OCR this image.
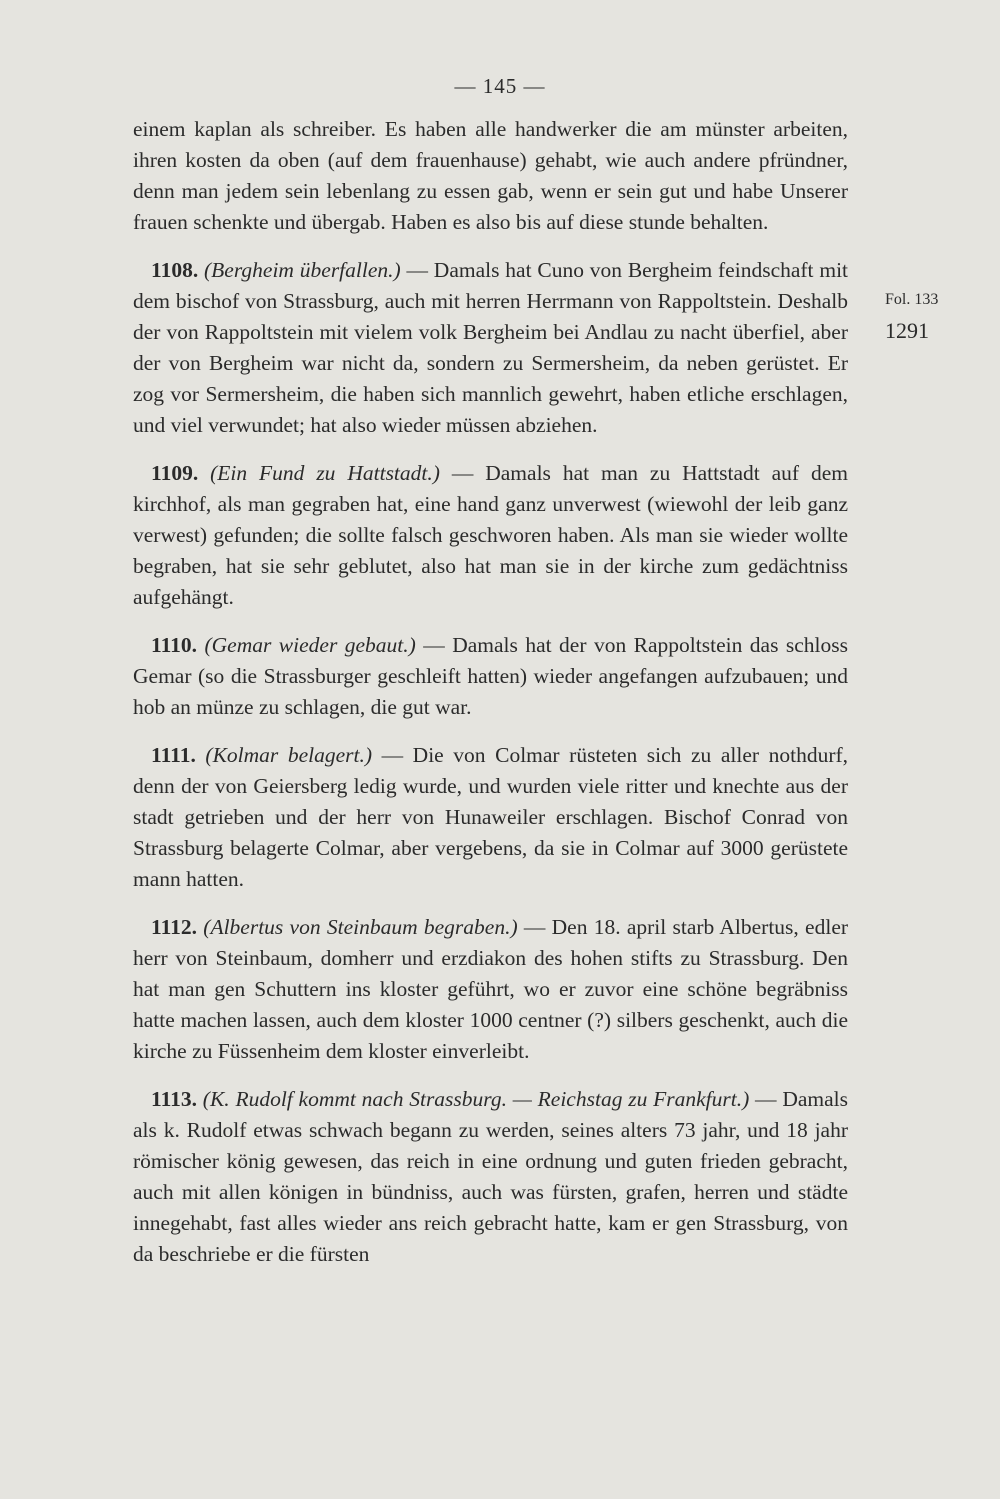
— 145 —
Fol. 133
1291

einem kaplan als schreiber. Es haben alle handwerker die am münster arbeiten, ihren kosten da oben (auf dem frauenhause) gehabt, wie auch andere pfründner, denn man jedem sein lebenlang zu essen gab, wenn er sein gut und habe Unserer frauen schenkte und übergab. Haben es also bis auf diese stunde behalten.

1108. (Bergheim überfallen.) — Damals hat Cuno von Bergheim feindschaft mit dem bischof von Strassburg, auch mit herren Herrmann von Rappoltstein. Deshalb der von Rappoltstein mit vielem volk Bergheim bei Andlau zu nacht überfiel, aber der von Bergheim war nicht da, sondern zu Sermersheim, da neben gerüstet. Er zog vor Sermersheim, die haben sich mannlich gewehrt, haben etliche erschlagen, und viel verwundet; hat also wieder müssen abziehen.

1109. (Ein Fund zu Hattstadt.) — Damals hat man zu Hattstadt auf dem kirchhof, als man gegraben hat, eine hand ganz unverwest (wiewohl der leib ganz verwest) gefunden; die sollte falsch geschworen haben. Als man sie wieder wollte begraben, hat sie sehr geblutet, also hat man sie in der kirche zum gedächtniss aufgehängt.

1110. (Gemar wieder gebaut.) — Damals hat der von Rappoltstein das schloss Gemar (so die Strassburger geschleift hatten) wieder angefangen aufzubauen; und hob an münze zu schlagen, die gut war.

1111. (Kolmar belagert.) — Die von Colmar rüsteten sich zu aller nothdurf, denn der von Geiersberg ledig wurde, und wurden viele ritter und knechte aus der stadt getrieben und der herr von Hunaweiler erschlagen. Bischof Conrad von Strassburg belagerte Colmar, aber vergebens, da sie in Colmar auf 3000 gerüstete mann hatten.

1112. (Albertus von Steinbaum begraben.) — Den 18. april starb Albertus, edler herr von Steinbaum, domherr und erzdiakon des hohen stifts zu Strassburg. Den hat man gen Schuttern ins kloster geführt, wo er zuvor eine schöne begräbniss hatte machen lassen, auch dem kloster 1000 centner (?) silbers geschenkt, auch die kirche zu Füssenheim dem kloster einverleibt.

1113. (K. Rudolf kommt nach Strassburg. — Reichstag zu Frankfurt.) — Damals als k. Rudolf etwas schwach begann zu werden, seines alters 73 jahr, und 18 jahr römischer könig gewesen, das reich in eine ordnung und guten frieden gebracht, auch mit allen königen in bündniss, auch was fürsten, grafen, herren und städte innegehabt, fast alles wieder ans reich gebracht hatte, kam er gen Strassburg, von da beschriebe er die fürsten
